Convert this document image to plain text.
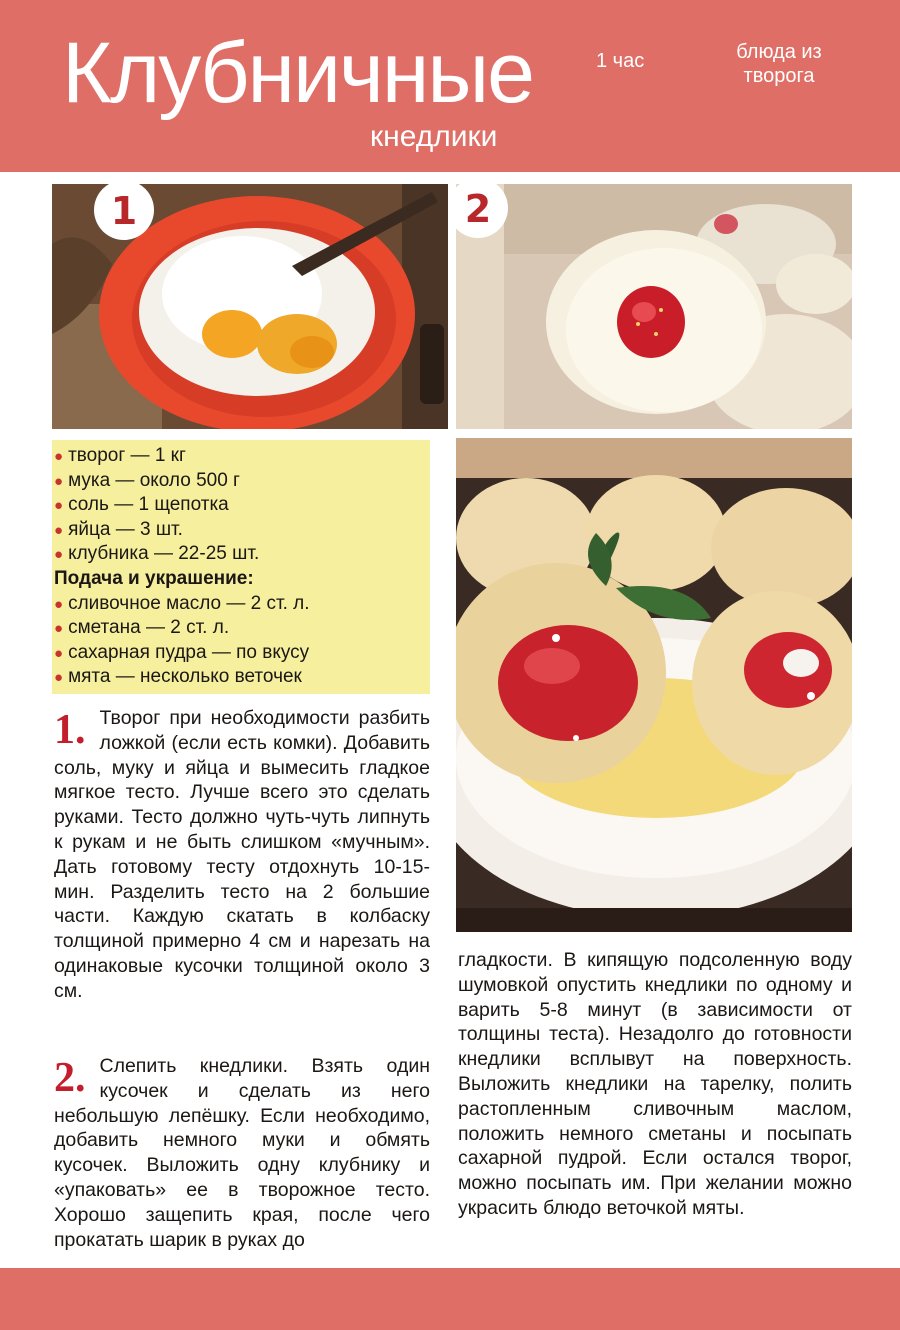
Клубничные
кнедлики
1 час	блюда из творога
1	2
● творог — 1 кг
● мука — около 500 г
● соль — 1 щепотка
● яйца — 3 шт.
● клубника — 22-25 шт.
Подача и украшение:
● сливочное масло — 2 ст. л.
● сметана — 2 ст. л.
● сахарная пудра — по вкусу
● мята — несколько веточек
1. Творог при необходимости разбить ложкой (если есть комки). Добавить соль, муку и яйца и вымесить гладкое мягкое тесто. Лучше всего это сделать руками. Тесто должно чуть-чуть липнуть к рукам и не быть слишком «мучным». Дать готовому тесту отдохнуть 10-15-мин. Разделить тесто на 2 большие части. Каждую скатать в колбаску толщиной примерно 4 см и нарезать на одинаковые кусочки толщиной около 3 см.
2. Слепить кнедлики. Взять один кусочек и сделать из него небольшую лепёшку. Если необходимо, добавить немного муки и обмять кусочек. Выложить одну клубнику и «упаковать» ее в творожное тесто. Хорошо защепить края, после чего прокатать шарик в руках до
гладкости. В кипящую подсоленную воду шумовкой опустить кнедлики по одному и варить 5-8 минут (в зависимости от толщины теста). Незадолго до готовности кнедлики всплывут на поверхность. Выложить кнедлики на тарелку, полить растопленным сливочным маслом, положить немного сметаны и посыпать сахарной пудрой. Если остался творог, можно посыпать им. При желании можно украсить блюдо веточкой мяты.
